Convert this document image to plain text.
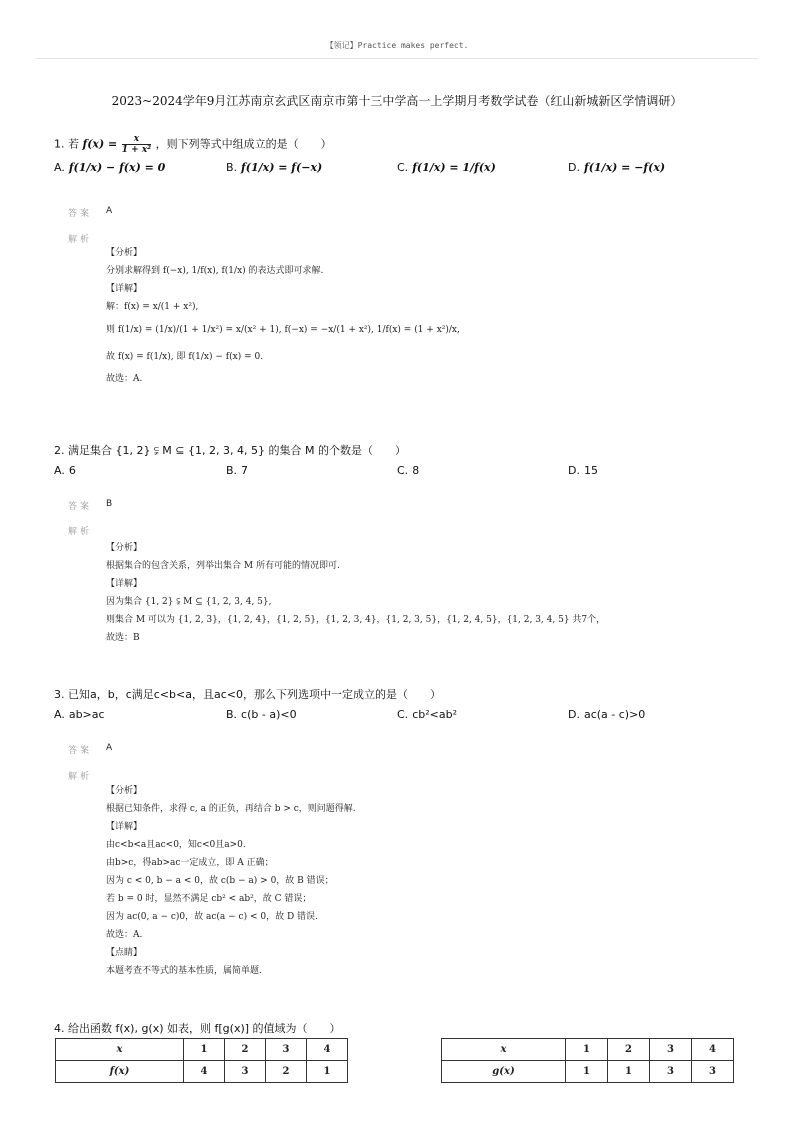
【领记】Practice makes perfect.
2023~2024学年9月江苏南京玄武区南京市第十三中学高一上学期月考数学试卷（红山新城新区学情调研）
1. 若 $f(x) = \frac{x}{\text{1 + x²}}$ ，则下列等式中组成立的是（　　）
A. f(1/x) − f(x) = 0	B. f(1/x) = f(−x)	C. f(1/x) = 1/f(x)	D. f(1/x) = −f(x)
答案 A
解析
【分析】
分别求解得到 f(−x), 1/f(x), f(1/x) 的表达式即可求解.
【详解】
解：f(x) = x/(1 + x²),
则 f(1/x) = (1/x)/(1 + 1/x²) = x/(x² + 1), f(−x) = −x/(1 + x²), 1/f(x) = (1 + x²)/x,
故 f(x) = f(1/x), 即 f(1/x) − f(x) = 0.
故选：A.
2. 满足集合 {1, 2} ⫋ M ⊆ {1, 2, 3, 4, 5} 的集合 M 的个数是（　　）
A. 6	B. 7	C. 8	D. 15
答案 B
解析
【分析】
根据集合的包含关系，列举出集合 M 所有可能的情况即可.
【详解】
因为集合 {1, 2} ⫋ M ⊆ {1, 2, 3, 4, 5},
则集合 M 可以为 {1, 2, 3}，{1, 2, 4}，{1, 2, 5}，{1, 2, 3, 4}，{1, 2, 3, 5}，{1, 2, 4, 5}，{1, 2, 3, 4, 5} 共7个，
故选：B
3. 已知a，b，c满足c<b<a，且ac<0，那么下列选项中一定成立的是（　　）
A. ab>ac	B. c(b - a)<0	C. cb²<ab²	D. ac(a - c)>0
答案 A
解析
【分析】
根据已知条件，求得 c, a 的正负，再结合 b > c，则问题得解.
【详解】
由c<b<a且ac<0，知c<0且a>0.
由b>c，得ab>ac一定成立，即 A 正确；
因为 c < 0, b − a < 0，故 c(b − a) > 0，故 B 错误；
若 b = 0 时，显然不满足 cb² < ab²，故 C 错误；
因为 ac(0, a − c)0，故 ac(a − c) < 0，故 D 错误.
故选：A.
【点睛】
本题考查不等式的基本性质，属简单题.
4. 给出函数 f(x), g(x) 如表，则 f[g(x)] 的值域为（　　）
x	1	2	3	4
f(x)	4	3	2	1
x	1	2	3	4
g(x)	1	1	3	3
